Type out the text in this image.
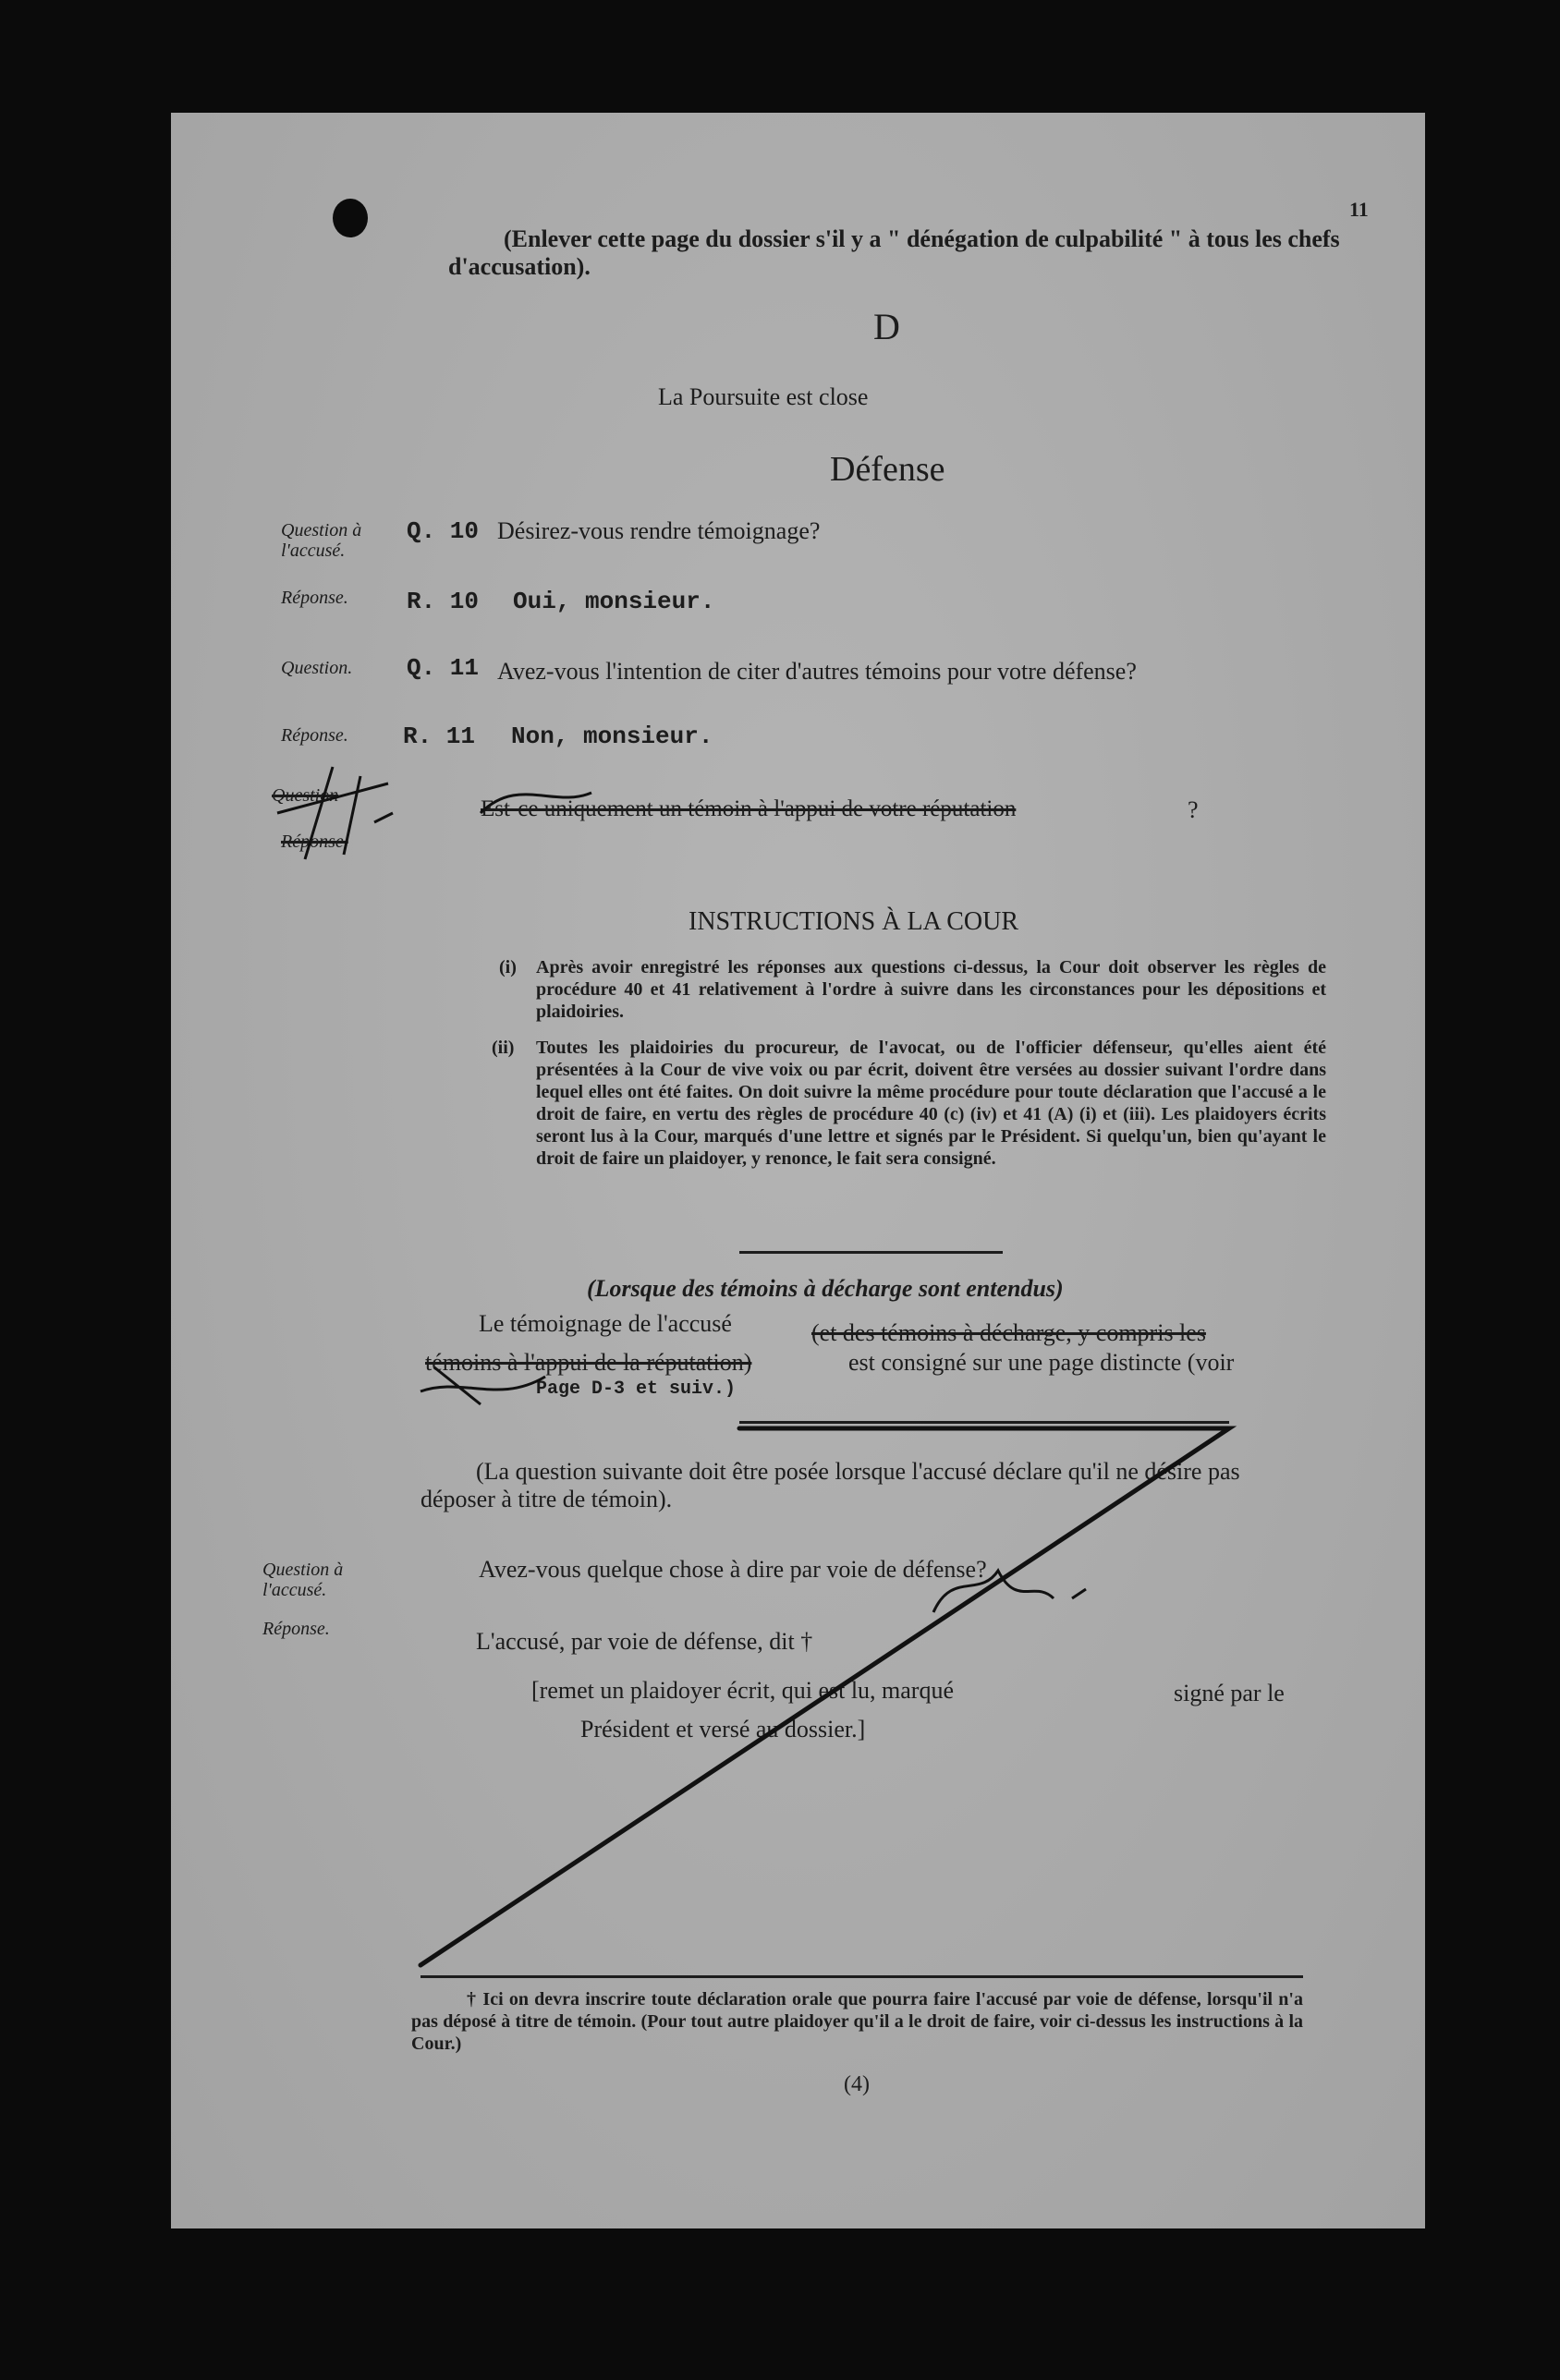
11
(Enlever cette page du dossier s'il y a " dénégation de culpabilité " à tous les chefs d'accusation).
D
La Poursuite est close
Défense
Question à l'accusé.
Q. 10 Désirez-vous rendre témoignage?
Réponse. R. 10 Oui, monsieur.
Question. Q. 11 Avez-vous l'intention de citer d'autres témoins pour votre défense?
Réponse. R. 11 Non, monsieur.
Question
Réponse.
Est-ce uniquement un témoin à l'appui de votre réputation	?
INSTRUCTIONS À LA COUR
(i) Après avoir enregistré les réponses aux questions ci-dessus, la Cour doit observer les règles de procédure 40 et 41 relativement à l'ordre à suivre dans les circonstances pour les dépositions et plaidoiries.
(ii) Toutes les plaidoiries du procureur, de l'avocat, ou de l'officier défenseur, qu'elles aient été présentées à la Cour de vive voix ou par écrit, doivent être versées au dossier suivant l'ordre dans lequel elles ont été faites. On doit suivre la même procédure pour toute déclaration que l'accusé a le droit de faire, en vertu des règles de procédure 40 (c) (iv) et 41 (A) (i) et (iii). Les plaidoyers écrits seront lus à la Cour, marqués d'une lettre et signés par le Président. Si quelqu'un, bien qu'ayant le droit de faire un plaidoyer, y renonce, le fait sera consigné.
(Lorsque des témoins à décharge sont entendus)
Le témoignage de l'accusé	(et des témoins à décharge, y compris les
témoins à l'appui de la réputation)	est consigné sur une page distincte (voir
Page D-3 et suiv.)
(La question suivante doit être posée lorsque l'accusé déclare qu'il ne désire pas déposer à titre de témoin).
Question à l'accusé.
Avez-vous quelque chose à dire par voie de défense?
Réponse.	L'accusé, par voie de défense, dit †
[remet un plaidoyer écrit, qui est lu, marqué	signé par le
Président et versé au dossier.]
† Ici on devra inscrire toute déclaration orale que pourra faire l'accusé par voie de défense, lorsqu'il n'a pas déposé à titre de témoin. (Pour tout autre plaidoyer qu'il a le droit de faire, voir ci-dessus les instructions à la Cour.)
(4)
